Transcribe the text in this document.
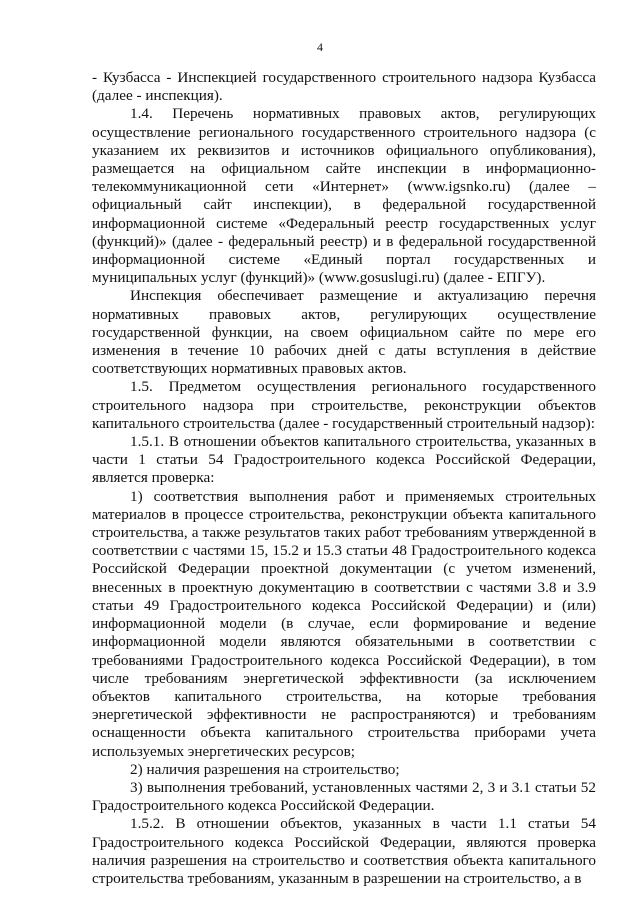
4

- Кузбасса - Инспекцией государственного строительного надзора Кузбасса (далее - инспекция).

1.4. Перечень нормативных правовых актов, регулирующих осуществление регионального государственного строительного надзора (с указанием их реквизитов и источников официального опубликования), размещается на официальном сайте инспекции в информационно-телекоммуникационной сети «Интернет» (www.igsnko.ru) (далее – официальный сайт инспекции), в федеральной государственной информационной системе «Федеральный реестр государственных услуг (функций)» (далее - федеральный реестр) и в федеральной государственной информационной системе «Единый портал государственных и муниципальных услуг (функций)» (www.gosuslugi.ru) (далее - ЕПГУ).

Инспекция обеспечивает размещение и актуализацию перечня нормативных правовых актов, регулирующих осуществление государственной функции, на своем официальном сайте по мере его изменения в течение 10 рабочих дней с даты вступления в действие соответствующих нормативных правовых актов.

1.5. Предметом осуществления регионального государственного строительного надзора при строительстве, реконструкции объектов капитального строительства (далее - государственный строительный надзор):

1.5.1. В отношении объектов капитального строительства, указанных в части 1 статьи 54 Градостроительного кодекса Российской Федерации, является проверка:

1) соответствия выполнения работ и применяемых строительных материалов в процессе строительства, реконструкции объекта капитального строительства, а также результатов таких работ требованиям утвержденной в соответствии с частями 15, 15.2 и 15.3 статьи 48 Градостроительного кодекса Российской Федерации проектной документации (с учетом изменений, внесенных в проектную документацию в соответствии с частями 3.8 и 3.9 статьи 49 Градостроительного кодекса Российской Федерации) и (или) информационной модели (в случае, если формирование и ведение информационной модели являются обязательными в соответствии с требованиями Градостроительного кодекса Российской Федерации), в том числе требованиям энергетической эффективности (за исключением объектов капитального строительства, на которые требования энергетической эффективности не распространяются) и требованиям оснащенности объекта капитального строительства приборами учета используемых энергетических ресурсов;

2) наличия разрешения на строительство;

3) выполнения требований, установленных частями 2, 3 и 3.1 статьи 52 Градостроительного кодекса Российской Федерации.

1.5.2. В отношении объектов, указанных в части 1.1 статьи 54 Градостроительного кодекса Российской Федерации, являются проверка наличия разрешения на строительство и соответствия объекта капитального строительства требованиям, указанным в разрешении на строительство, а в
